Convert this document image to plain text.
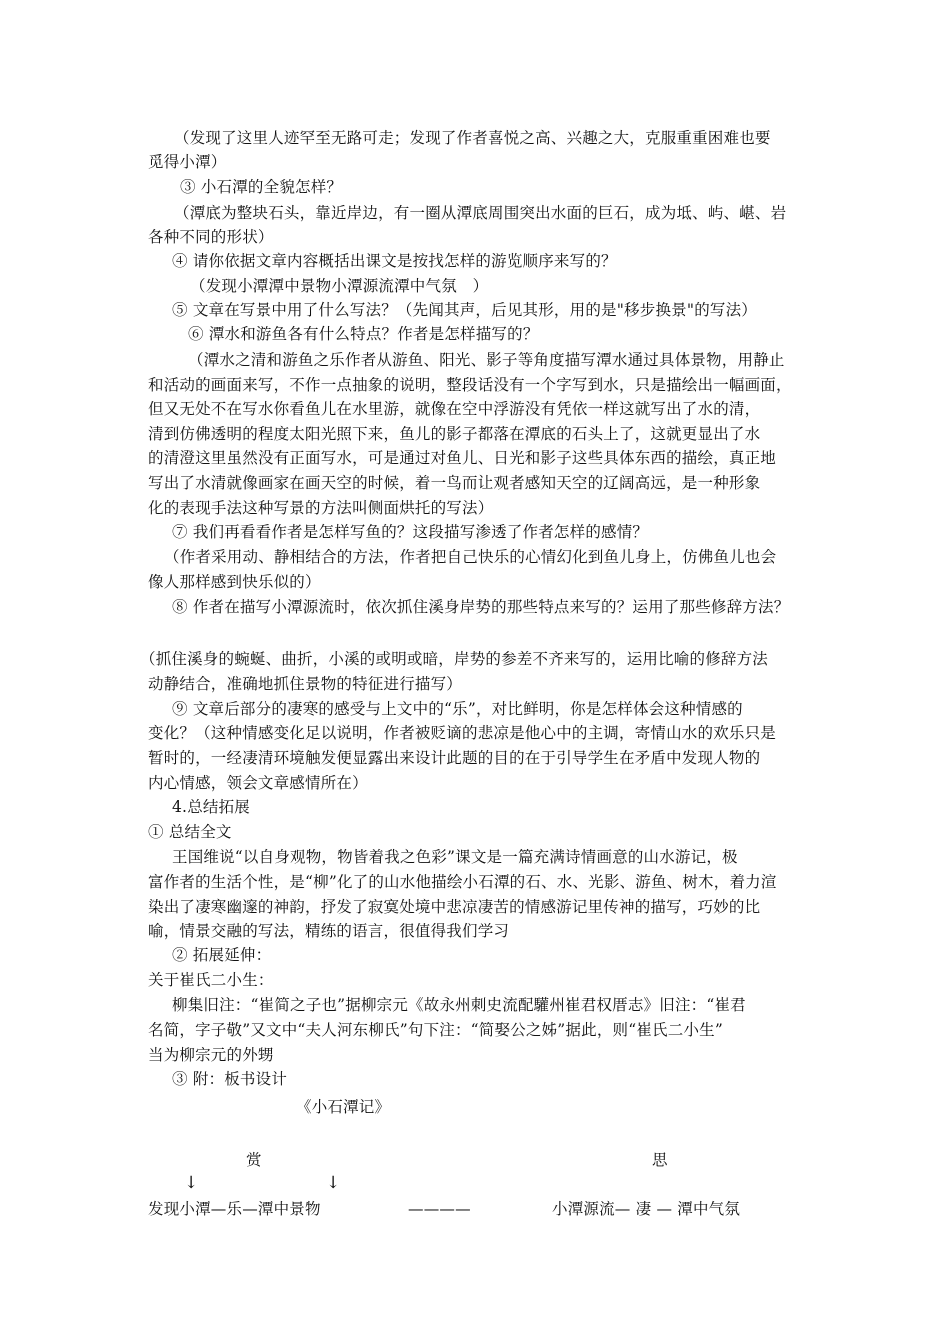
（发现了这里人迹罕至无路可走；发现了作者喜悦之高、兴趣之大，克服重重困难也要
觅得小潭）
③ 小石潭的全貌怎样？
（潭底为整块石头，靠近岸边，有一圈从潭底周围突出水面的巨石，成为坻、屿、嵁、岩
各种不同的形状）
④ 请你依据文章内容概括出课文是按找怎样的游览顺序来写的？
（发现小潭潭中景物小潭源流潭中气氛　）
⑤ 文章在写景中用了什么写法？（先闻其声，后见其形，用的是"移步换景"的写法）
⑥ 潭水和游鱼各有什么特点？作者是怎样描写的？
（潭水之清和游鱼之乐作者从游鱼、阳光、影子等角度描写潭水通过具体景物，用静止
和活动的画面来写，不作一点抽象的说明，整段话没有一个字写到水，只是描绘出一幅画面，
但又无处不在写水你看鱼儿在水里游，就像在空中浮游没有凭依一样这就写出了水的清，
清到仿佛透明的程度太阳光照下来，鱼儿的影子都落在潭底的石头上了，这就更显出了水
的清澄这里虽然没有正面写水，可是通过对鱼儿、日光和影子这些具体东西的描绘，真正地
写出了水清就像画家在画天空的时候，着一鸟而让观者感知天空的辽阔高远，是一种形象
化的表现手法这种写景的方法叫侧面烘托的写法）
⑦ 我们再看看作者是怎样写鱼的？这段描写渗透了作者怎样的感情？
（作者采用动、静相结合的方法，作者把自己快乐的心情幻化到鱼儿身上，仿佛鱼儿也会
像人那样感到快乐似的）
⑧ 作者在描写小潭源流时，依次抓住溪身岸势的那些特点来写的？运用了那些修辞方法？
（抓住溪身的蜿蜒、曲折，小溪的或明或暗，岸势的参差不齐来写的，运用比喻的修辞方法
动静结合，准确地抓住景物的特征进行描写）
⑨ 文章后部分的凄寒的感受与上文中的“乐”，对比鲜明，你是怎样体会这种情感的
变化？（这种情感变化足以说明，作者被贬谪的悲凉是他心中的主调，寄情山水的欢乐只是
暂时的，一经凄清环境触发便显露出来设计此题的目的在于引导学生在矛盾中发现人物的
内心情感，领会文章感情所在）
4.总结拓展
① 总结全文
王国维说“以自身观物，物皆着我之色彩”课文是一篇充满诗情画意的山水游记，极
富作者的生活个性，是“柳”化了的山水他描绘小石潭的石、水、光影、游鱼、树木，着力渲
染出了凄寒幽邃的神韵，抒发了寂寞处境中悲凉凄苦的情感游记里传神的描写，巧妙的比
喻，情景交融的写法，精练的语言，很值得我们学习
② 拓展延伸：
关于崔氏二小生：
柳集旧注：“崔简之子也”据柳宗元《故永州刺史流配驩州崔君权厝志》旧注：“崔君
名简，字子敬”又文中“夫人河东柳氏”句下注：“简娶公之姊”据此，则“崔氏二小生”
当为柳宗元的外甥
③ 附：板书设计
《小石潭记》
赏	思
↓	↓
发现小潭—乐—潭中景物	————	小潭源流— 凄 — 潭中气氛
